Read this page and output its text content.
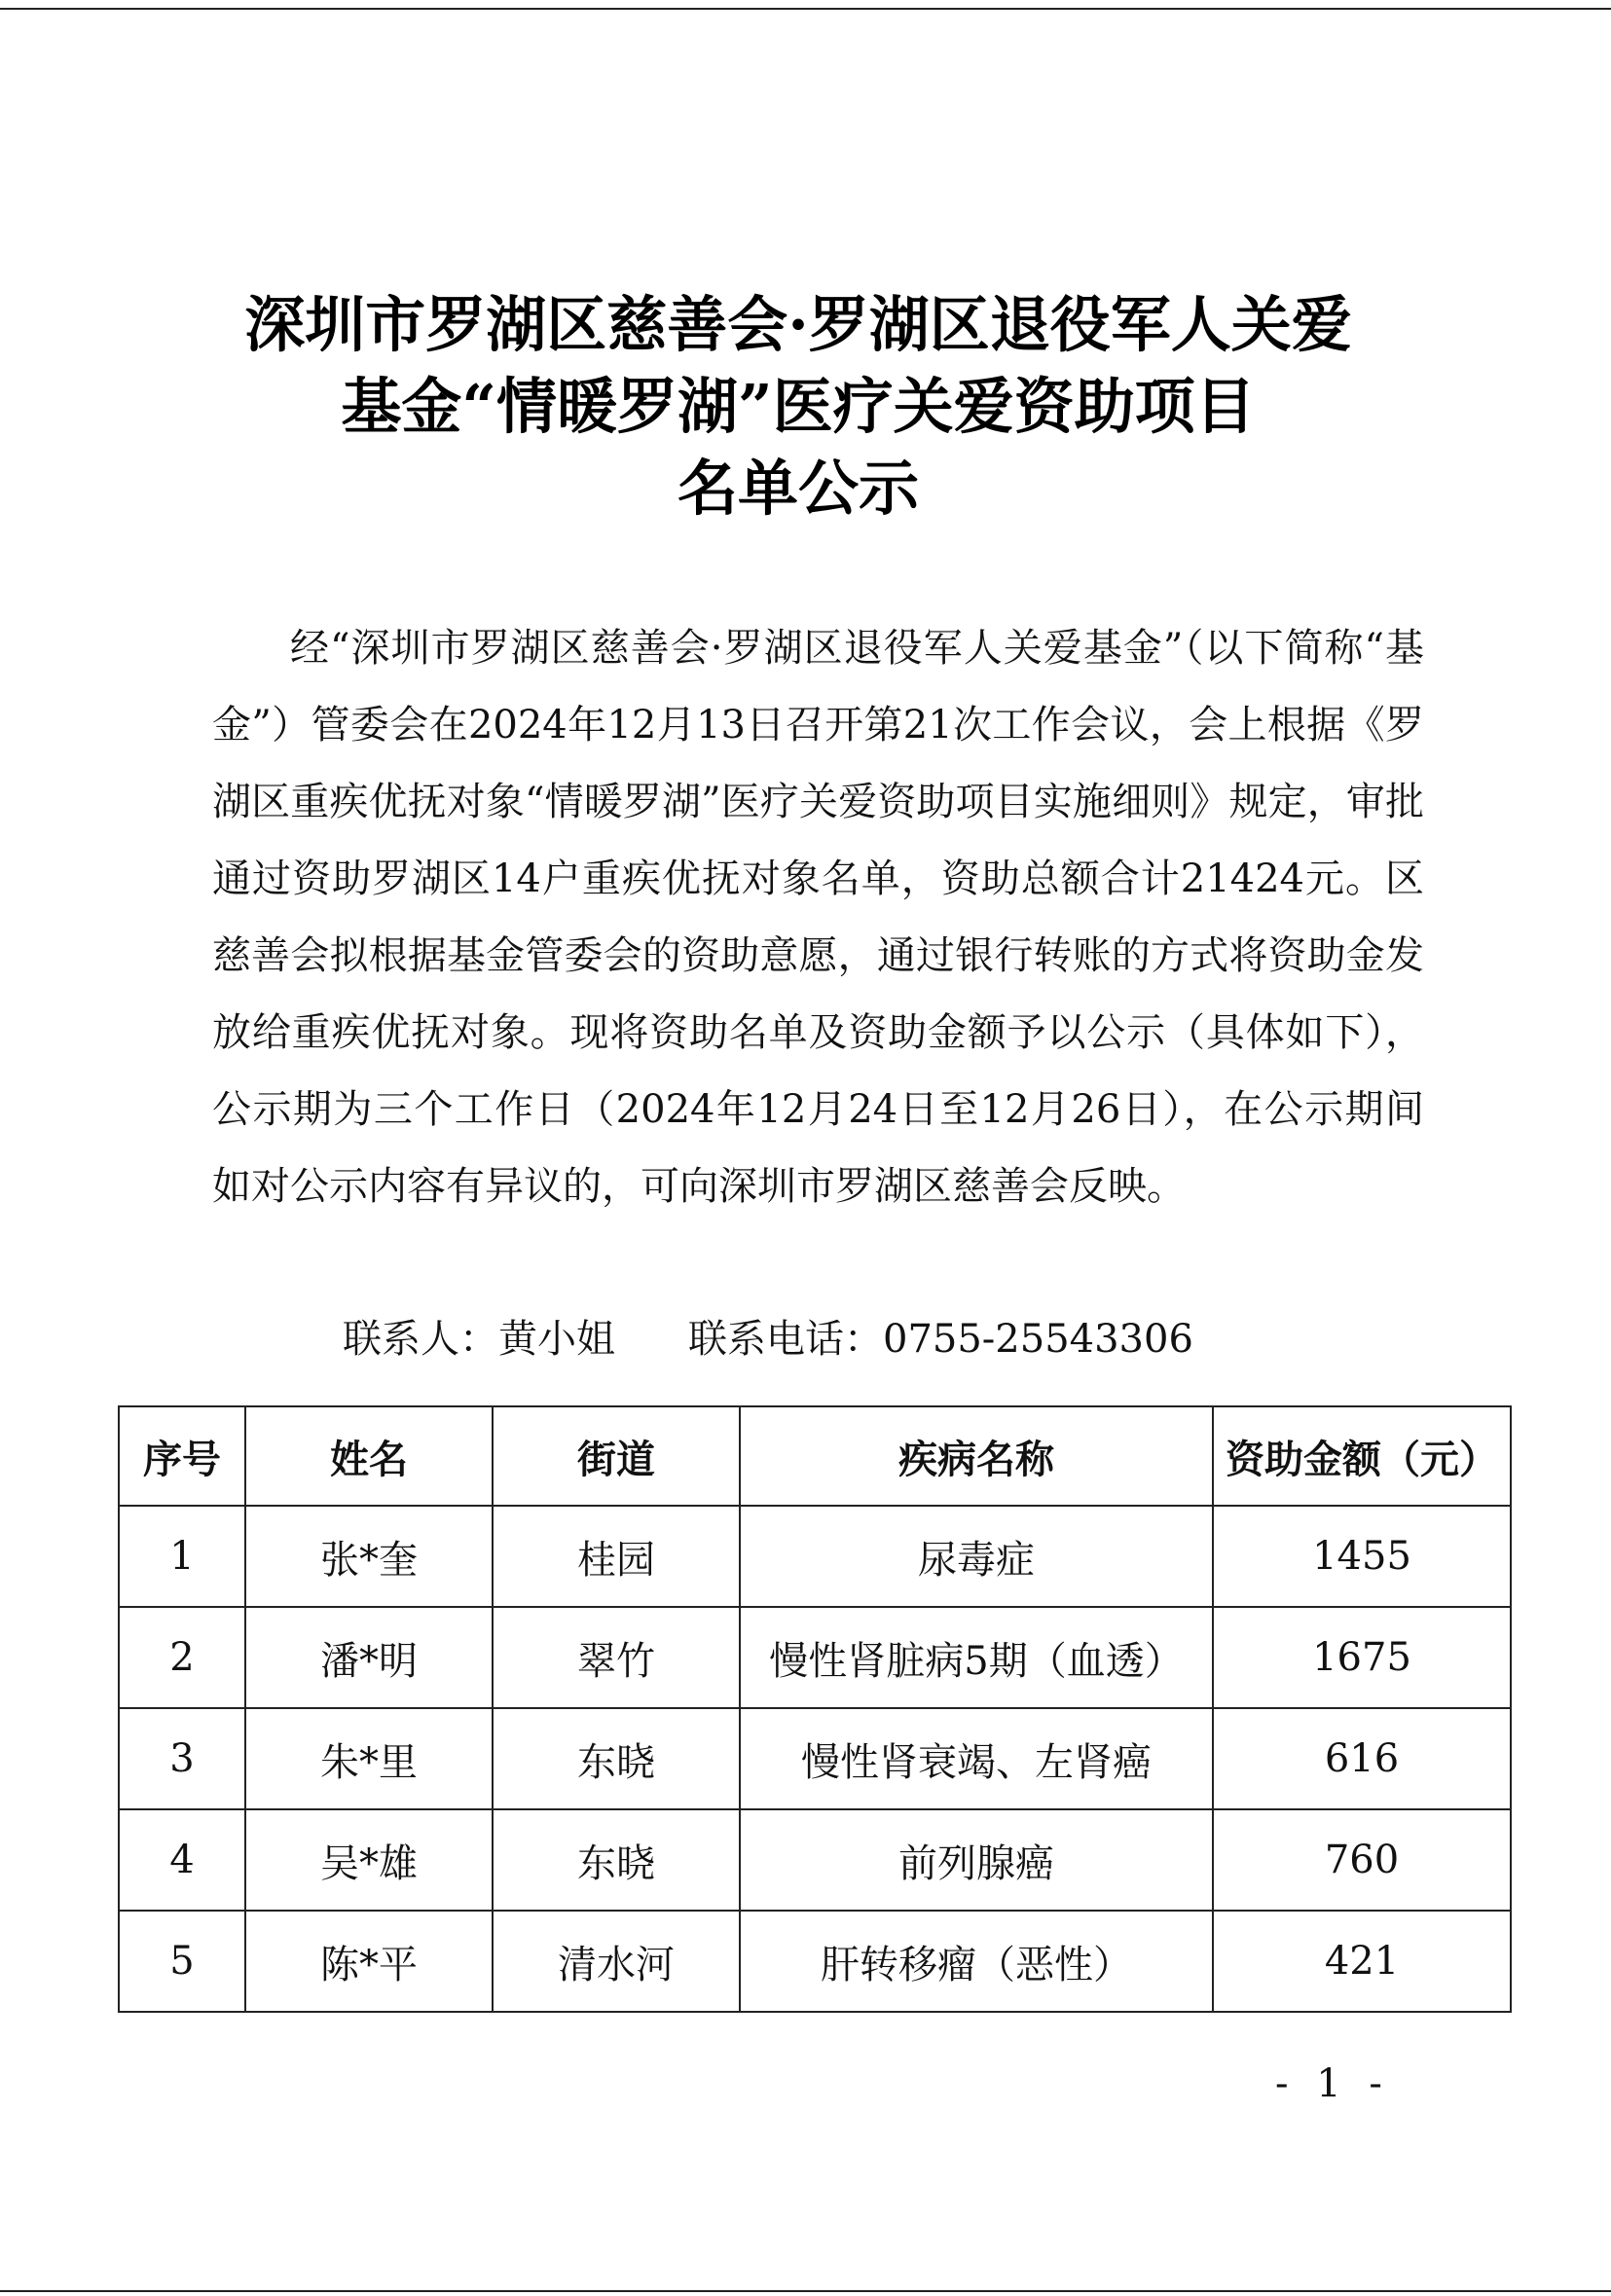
深圳市罗湖区慈善会·罗湖区退役军人关爱
基金“情暖罗湖”医疗关爱资助项目
名单公示

经“深圳市罗湖区慈善会·罗湖区退役军人关爱基金”（以下简称“基金”）管委会在2024年12月13日召开第21次工作会议，会上根据《罗湖区重疾优抚对象“情暖罗湖”医疗关爱资助项目实施细则》规定，审批通过资助罗湖区14户重疾优抚对象名单，资助总额合计21424元。区慈善会拟根据基金管委会的资助意愿，通过银行转账的方式将资助金发放给重疾优抚对象。现将资助名单及资助金额予以公示（具体如下），公示期为三个工作日（2024年12月24日至12月26日），在公示期间如对公示内容有异议的，可向深圳市罗湖区慈善会反映。

联系人：黄小姐 联系电话：0755-25543306
序号	姓名	街道	疾病名称	资助金额（元）
1	张*奎	桂园	尿毒症	1455
2	潘*明	翠竹	慢性肾脏病5期（血透）	1675
3	朱*里	东晓	慢性肾衰竭、左肾癌	616
4	吴*雄	东晓	前列腺癌	760
5	陈*平	清水河	肝转移瘤（恶性）	421
- 1 -
